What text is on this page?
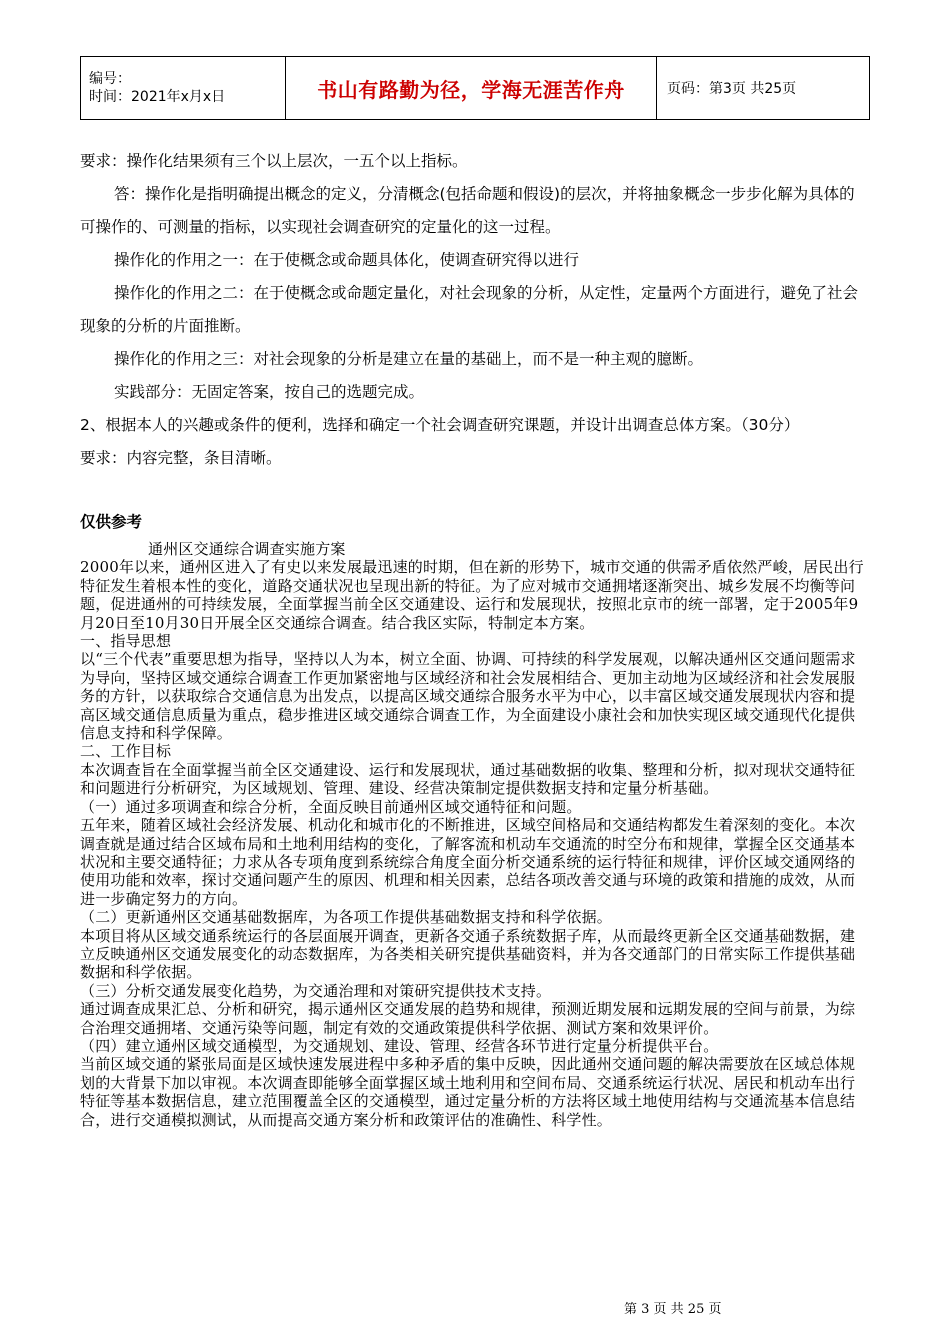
编号：
时间：2021年x月x日	书山有路勤为径，学海无涯苦作舟	页码：第3页 共25页

要求：操作化结果须有三个以上层次，一五个以上指标。

答：操作化是指明确提出概念的定义，分清概念(包括命题和假设)的层次，并将抽象概念一步步化解为具体的可操作的、可测量的指标，以实现社会调查研究的定量化的这一过程。

操作化的作用之一：在于使概念或命题具体化，使调查研究得以进行

操作化的作用之二：在于使概念或命题定量化，对社会现象的分析，从定性，定量两个方面进行，避免了社会现象的分析的片面推断。

操作化的作用之三：对社会现象的分析是建立在量的基础上，而不是一种主观的臆断。

实践部分：无固定答案，按自己的选题完成。

2、根据本人的兴趣或条件的便利，选择和确定一个社会调查研究课题，并设计出调查总体方案。（30分）

要求：内容完整，条目清晰。

仅供参考

通州区交通综合调查实施方案

2000年以来，通州区进入了有史以来发展最迅速的时期，但在新的形势下，城市交通的供需矛盾依然严峻，居民出行特征发生着根本性的变化，道路交通状况也呈现出新的特征。为了应对城市交通拥堵逐渐突出、城乡发展不均衡等问题，促进通州的可持续发展，全面掌握当前全区交通建设、运行和发展现状，按照北京市的统一部署，定于2005年9月20日至10月30日开展全区交通综合调查。结合我区实际，特制定本方案。

一、指导思想

以“三个代表”重要思想为指导，坚持以人为本，树立全面、协调、可持续的科学发展观，以解决通州区交通问题需求为导向，坚持区域交通综合调查工作更加紧密地与区域经济和社会发展相结合、更加主动地为区域经济和社会发展服务的方针，以获取综合交通信息为出发点，以提高区域交通综合服务水平为中心，以丰富区域交通发展现状内容和提高区域交通信息质量为重点，稳步推进区域交通综合调查工作，为全面建设小康社会和加快实现区域交通现代化提供信息支持和科学保障。

二、工作目标

本次调查旨在全面掌握当前全区交通建设、运行和发展现状，通过基础数据的收集、整理和分析，拟对现状交通特征和问题进行分析研究，为区域规划、管理、建设、经营决策制定提供数据支持和定量分析基础。

（一）通过多项调查和综合分析，全面反映目前通州区域交通特征和问题。

五年来，随着区域社会经济发展、机动化和城市化的不断推进，区域空间格局和交通结构都发生着深刻的变化。本次调查就是通过结合区域布局和土地利用结构的变化，了解客流和机动车交通流的时空分布和规律，掌握全区交通基本状况和主要交通特征；力求从各专项角度到系统综合角度全面分析交通系统的运行特征和规律，评价区域交通网络的使用功能和效率，探讨交通问题产生的原因、机理和相关因素，总结各项改善交通与环境的政策和措施的成效，从而进一步确定努力的方向。

（二）更新通州区交通基础数据库，为各项工作提供基础数据支持和科学依据。

本项目将从区域交通系统运行的各层面展开调查，更新各交通子系统数据子库，从而最终更新全区交通基础数据，建立反映通州区交通发展变化的动态数据库，为各类相关研究提供基础资料，并为各交通部门的日常实际工作提供基础数据和科学依据。

（三）分析交通发展变化趋势，为交通治理和对策研究提供技术支持。

通过调查成果汇总、分析和研究，揭示通州区交通发展的趋势和规律，预测近期发展和远期发展的空间与前景，为综合治理交通拥堵、交通污染等问题，制定有效的交通政策提供科学依据、测试方案和效果评价。

（四）建立通州区域交通模型，为交通规划、建设、管理、经营各环节进行定量分析提供平台。

当前区域交通的紧张局面是区域快速发展进程中多种矛盾的集中反映，因此通州交通问题的解决需要放在区域总体规划的大背景下加以审视。本次调查即能够全面掌握区域土地利用和空间布局、交通系统运行状况、居民和机动车出行特征等基本数据信息，建立范围覆盖全区的交通模型，通过定量分析的方法将区域土地使用结构与交通流基本信息结合，进行交通模拟测试，从而提高交通方案分析和政策评估的准确性、科学性。

第 3 页 共 25 页
